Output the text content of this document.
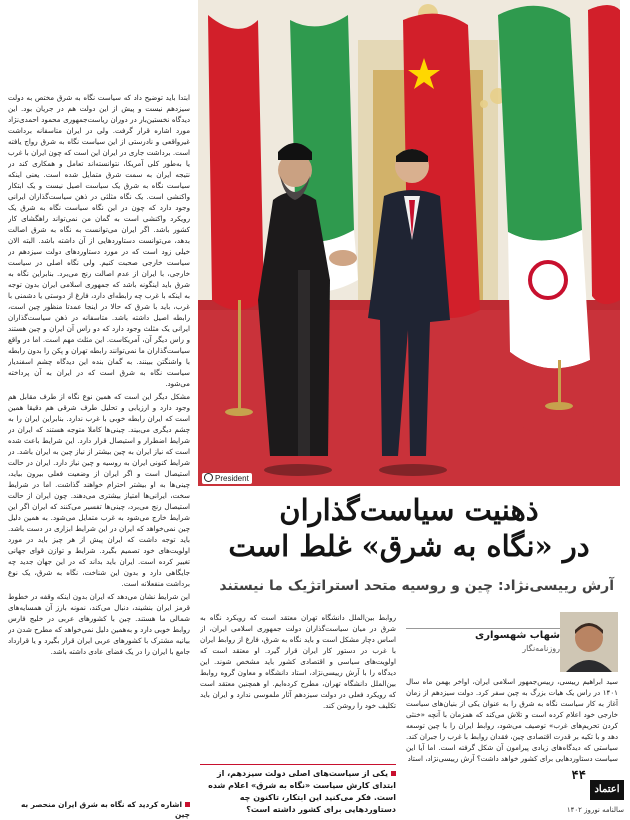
President

ابتدا باید توضیح داد که سیاست نگاه به شرق مختص به دولت سیزدهم نیست و پیش از این دولت هم در جریان بود. این دیدگاه نخستین‌بار در دوران ریاست‌جمهوری محمود احمدی‌نژاد مورد اشاره قرار گرفت. ولی در ایران متاسفانه برداشت غیرواقعی و نادرستی از این سیاست نگاه به شرق رواج یافته است. برداشت جاری در ایران این است که چون ایران با غرب یا به‌طور کلی آمریکا، نتوانسته‌اند تعامل و همکاری کند در نتیجه ایران به سمت شرق متمایل شده است. یعنی اینکه سیاست نگاه به شرق یک سیاست اصیل نیست و یک ابتکار واکنشی است. یک نگاه مثلثی در ذهن سیاست‌گذاران ایرانی وجود دارد که چون در این نگاه سیاست نگاه به شرق یک رویکرد واکنشی است به گمان من نمی‌تواند راهگشای کار کشور باشد. اگر ایران می‌توانست به نگاه به شرق اصالت بدهد، می‌توانست دستاوردهایی از آن داشته باشد. البته الان خیلی زود است که در مورد دستاوردهای دولت سیزدهم در سیاست خارجی صحبت کنیم. ولی نگاه اصلی در سیاست خارجی، با ایران از عدم اصالت رنج می‌برد. بنابراین نگاه به شرق باید اینگونه باشد که جمهوری اسلامی ایران بدون توجه به اینکه با غرب چه رابطه‌ای دارد، فارغ از دوستی یا دشمنی با غرب، باید با شرق که حالا در اینجا عمدتا منظور چین است، رابطه اصیل داشته باشد. متاسفانه در ذهن سیاست‌گذاران ایرانی یک مثلث وجود دارد که دو راس آن ایران و چین هستند و راس دیگر آن، آمریکاست. این مثلث مهم است. اما در واقع سیاست‌گذاران ما نمی‌توانند رابطه تهران و پکن را بدون رابطه با واشنگتن ببینند. به گمان بنده این دیدگاه چشم اسفندیار سیاست نگاه به شرق است که در ایران به آن پرداخته می‌شود.

مشکل دیگر این است که همین نوع نگاه از طرف مقابل هم وجود دارد و ارزیابی و تحلیل طرف شرقی هم دقیقا همین است که ایران رابطه خوبی با غرب ندارد. بنابراین ایران را به چشم دیگری می‌بیند. چینی‌ها کاملا متوجه هستند که ایران در شرایط اضطرار و استیصال قرار دارد. این شرایط باعث شده است که نیاز ایران به چین بیشتر از نیاز چین به ایران باشد. در شرایط کنونی ایران به روسیه و چین نیاز دارد. ایران در حالت استیصال است و اگر ایران از وضعیت فعلی بیرون بیاید، چینی‌ها به او بیشتر احترام خواهند گذاشت. اما در شرایط سخت، ایرانی‌ها امتیاز بیشتری می‌دهند. چون ایران از حالت استیصال رنج می‌برد، چینی‌ها تفسیر می‌کنند که ایران اگر این شرایط خارج می‌شود به غرب متمایل می‌شود. به همین دلیل چین نمی‌خواهد که ایران در این شرایط ابزاری در دست باشد. باید توجه داشت که ایران پیش از هر چیز باید در مورد اولویت‌های خود تصمیم بگیرد. شرایط و توازن قوای جهانی تغییر کرده است. ایران باید بداند که در این جهان جدید چه جایگاهی دارد و بدون این شناخت، نگاه به شرق، یک نوع برداشت منفعلانه است.

این شرایط نشان می‌دهد که ایران بدون اینکه وقفه در خطوط قرمز ایران بنشیند، دنبال می‌کند، نمونه بارز آن همسایه‌های شمالی ما هستند. چین با کشورهای عربی در خلیج فارس روابط خوبی دارد و به‌همین دلیل نمی‌خواهد که مطرح شدن در بیانیه مشترک با کشورهای عربی ایران قرار بگیرد و یا قرارداد جامع با ایران را در یک فضای عادی داشته باشد.

اشاره کردید که نگاه به شرق ایران منحصر به چین
ذهنیت سیاست‌گذاران
در «نگاه به شرق» غلط است
آرش رییسی‌نژاد: چین و روسیه متحد استراتژیک ما نیستند
روابط بین‌الملل دانشگاه تهران معتقد است که رویکرد نگاه به شرق در میان سیاست‌گذاران دولت جمهوری اسلامی ایران، از اساس دچار مشکل است و باید نگاه به شرق، فارغ از روابط ایران با غرب در دستور کار ایران قرار گیرد. او معتقد است که اولویت‌های سیاسی و اقتصادی کشور باید مشخص شوند. این دیدگاه را با آرش رییسی‌نژاد، استاد دانشگاه و معاون گروه روابط بین‌الملل دانشگاه تهران، مطرح کرده‌ایم. او همچنین معتقد است که رویکرد فعلی در دولت سیزدهم آثار ملموسی ندارد و ایران باید تکلیف خود را روشن کند.
یکی از سیاست‌های اصلی دولت سیزدهم، از ابتدای کارش سیاست «نگاه به شرق» اعلام شده است. فکر می‌کنید این ابتکار، تاکنون چه دستاوردهایی برای کشور داشته است؟
شهاب شهسواری
روزنامه‌نگار

سید ابراهیم رییسی، رییس‌جمهور اسلامی ایران، اواخر بهمن ماه سال ۱۴۰۱ در راس یک هیات بزرگ به چین سفر کرد. دولت سیزدهم از زمان آغاز به کار سیاست نگاه به شرق را به عنوان یکی از بنیان‌های سیاست خارجی خود اعلام کرده است و تلاش می‌کند که همزمان با آنچه «خنثی کردن تحریم‌های غرب» توصیف می‌شود، روابط ایران را با چین توسعه دهد و با تکیه بر قدرت اقتصادی چین، فقدان روابط با غرب را جبران کند. سیاستی که دیدگاه‌های زیادی پیرامون آن شکل گرفته است. اما آیا این سیاست دستاوردهایی برای کشور خواهد داشت؟ آرش رییسی‌نژاد، استاد

۴۴
اعتماد
سالنامه نوروز ۱۴۰۲
